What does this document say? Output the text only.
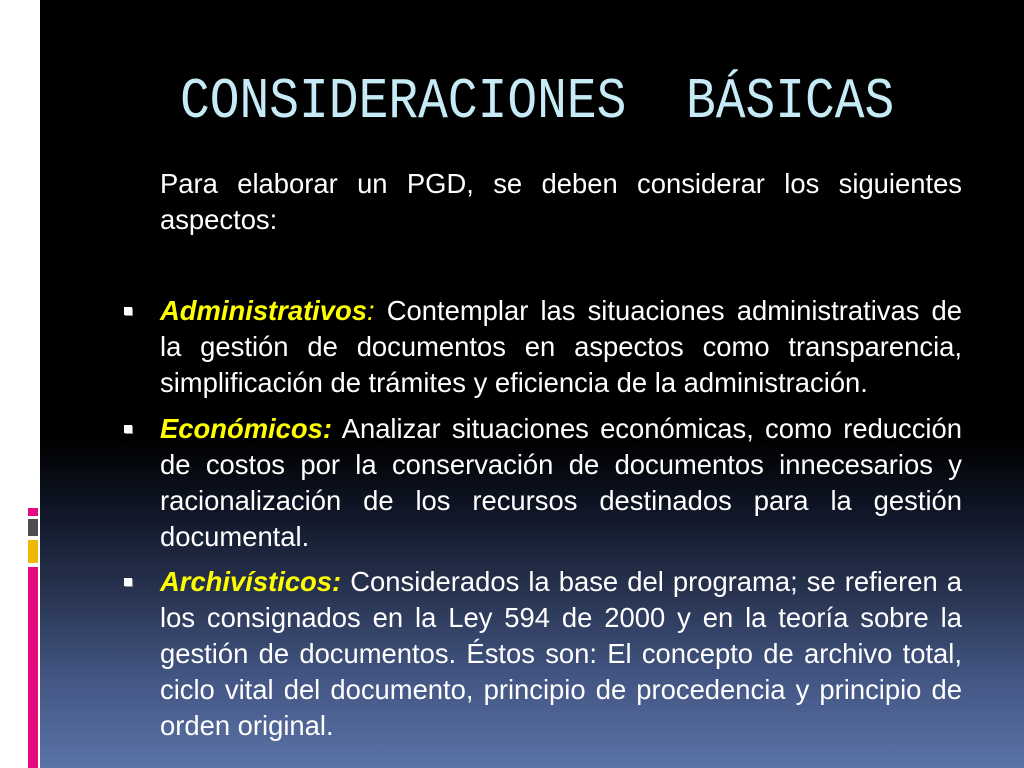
CONSIDERACIONES  BÁSICAS

Para elaborar un PGD, se deben considerar los siguientes aspectos:

Administrativos: Contemplar las situaciones administrativas de la gestión de documentos en aspectos como transparencia, simplificación de trámites y eficiencia de la administración.

Económicos: Analizar situaciones económicas, como reducción de costos por la conservación de documentos innecesarios y racionalización de los recursos destinados para la gestión documental.

Archivísticos: Considerados la base del programa; se refieren a los consignados en la Ley 594 de 2000 y en la teoría sobre la gestión de documentos. Éstos son: El concepto de archivo total, ciclo vital del documento, principio de procedencia y principio de orden original.
